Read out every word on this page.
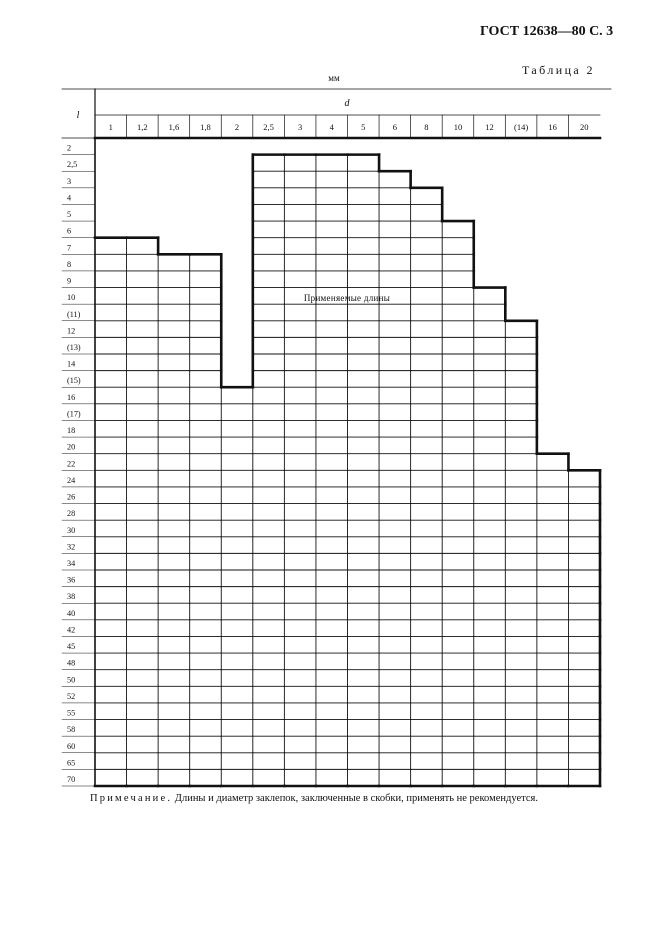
ГОСТ 12638—80 С. 3
Таблица 2
мм
l
d
1	1,2 1,6 1,8	2	2,5	3	4	5	6	8	10	12 (14) 16	20
2
2,5
3
4
5
6
7
8
9
10
(11)
12
(13)
14
(15)
16
(17)
18
20
22
24
26
28
30
32
34
36
38
40
42
45
48
50
52
55
58
60
65
70
Применяемые длины
Примечание. Длины и диаметр заклепок, заключенные в скобки, применять не рекомендуется.
